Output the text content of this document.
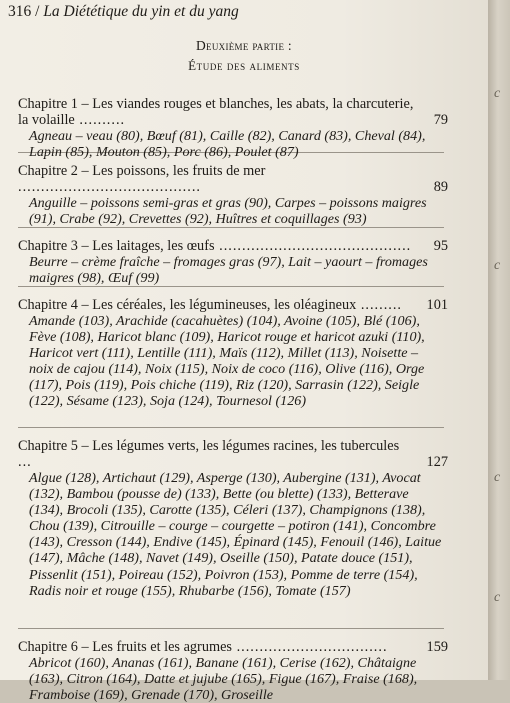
316 / La Diététique du yin et du yang
Deuxième partie :
Étude des aliments
Chapitre 1 – Les viandes rouges et blanches, les abats, la charcuterie, la volaille ..........	79
Agneau – veau (80), Bœuf (81), Caille (82), Canard (83), Cheval (84), Lapin (85), Mouton (85), Porc (86), Poulet (87)
Chapitre 2 – Les poissons, les fruits de mer ........................................	89
Anguille – poissons semi-gras et gras (90), Carpes – poissons maigres (91), Crabe (92), Crevettes (92), Huîtres et coquillages (93)
Chapitre 3 – Les laitages, les œufs .......................................... 95
Beurre – crème fraîche – fromages gras (97), Lait – yaourt – fromages maigres (98), Œuf (99)
Chapitre 4 – Les céréales, les légumineuses, les oléagineux ......... 101
Amande (103), Arachide (cacahuètes) (104), Avoine (105), Blé (106), Fève (108), Haricot blanc (109), Haricot rouge et haricot azuki (110), Haricot vert (111), Lentille (111), Maïs (112), Millet (113), Noisette – noix de cajou (114), Noix (115), Noix de coco (116), Olive (116), Orge (117), Pois (119), Pois chiche (119), Riz (120), Sarrasin (122), Seigle (122), Sésame (123), Soja (124), Tournesol (126)
Chapitre 5 – Les légumes verts, les légumes racines, les tubercules ...	127
Algue (128), Artichaut (129), Asperge (130), Aubergine (131), Avocat (132), Bambou (pousse de) (133), Bette (ou blette) (133), Betterave (134), Brocoli (135), Carotte (135), Céleri (137), Champignons (138), Chou (139), Citrouille – courge – courgette – potiron (141), Concombre (143), Cresson (144), Endive (145), Épinard (145), Fenouil (146), Laitue (147), Mâche (148), Navet (149), Oseille (150), Patate douce (151), Pissenlit (151), Poireau (152), Poivron (153), Pomme de terre (154), Radis noir et rouge (155), Rhubarbe (156), Tomate (157)
Chapitre 6 – Les fruits et les agrumes .................................	159
Abricot (160), Ananas (161), Banane (161), Cerise (162), Châtaigne (163), Citron (164), Datte et jujube (165), Figue (167), Fraise (168), Framboise (169), Grenade (170), Groseille
c
c
c
c
